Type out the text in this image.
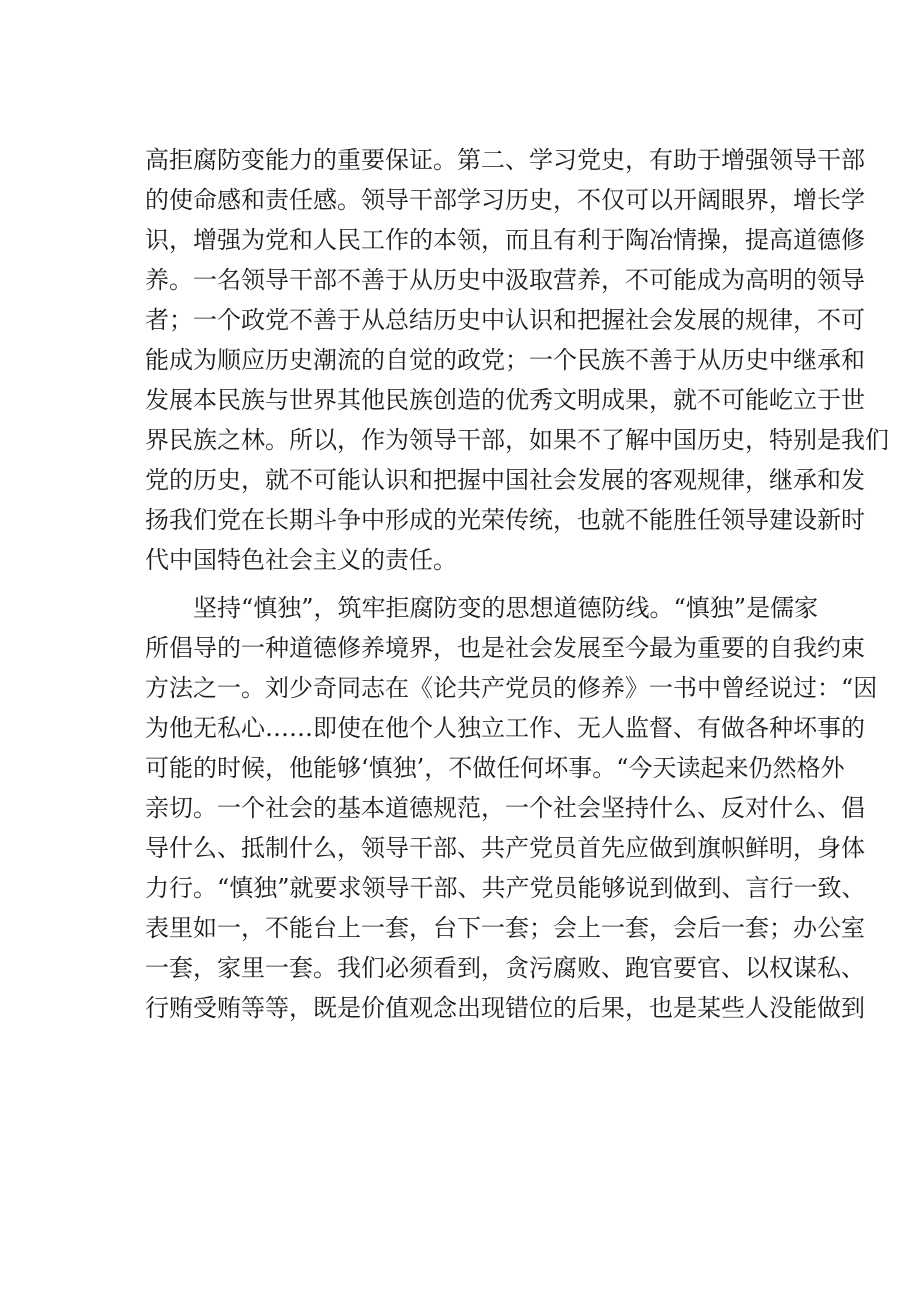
高拒腐防变能力的重要保证。第二、学习党史，有助于增强领导干部
的使命感和责任感。领导干部学习历史，不仅可以开阔眼界，增长学
识，增强为党和人民工作的本领，而且有利于陶冶情操，提高道德修
养。一名领导干部不善于从历史中汲取营养，不可能成为高明的领导
者；一个政党不善于从总结历史中认识和把握社会发展的规律，不可
能成为顺应历史潮流的自觉的政党；一个民族不善于从历史中继承和
发展本民族与世界其他民族创造的优秀文明成果，就不可能屹立于世
界民族之林。所以，作为领导干部，如果不了解中国历史，特别是我们
党的历史，就不可能认识和把握中国社会发展的客观规律，继承和发
扬我们党在长期斗争中形成的光荣传统，也就不能胜任领导建设新时
代中国特色社会主义的责任。
坚持“慎独”，筑牢拒腐防变的思想道德防线。“慎独”是儒家
所倡导的一种道德修养境界，也是社会发展至今最为重要的自我约束
方法之一。刘少奇同志在《论共产党员的修养》一书中曾经说过：“因
为他无私心……即使在他个人独立工作、无人监督、有做各种坏事的
可能的时候，他能够‘慎独’，不做任何坏事。“今天读起来仍然格外
亲切。一个社会的基本道德规范，一个社会坚持什么、反对什么、倡
导什么、抵制什么，领导干部、共产党员首先应做到旗帜鲜明，身体
力行。“慎独”就要求领导干部、共产党员能够说到做到、言行一致、
表里如一，不能台上一套，台下一套；会上一套，会后一套；办公室
一套，家里一套。我们必须看到，贪污腐败、跑官要官、以权谋私、
行贿受贿等等，既是价值观念出现错位的后果，也是某些人没能做到
